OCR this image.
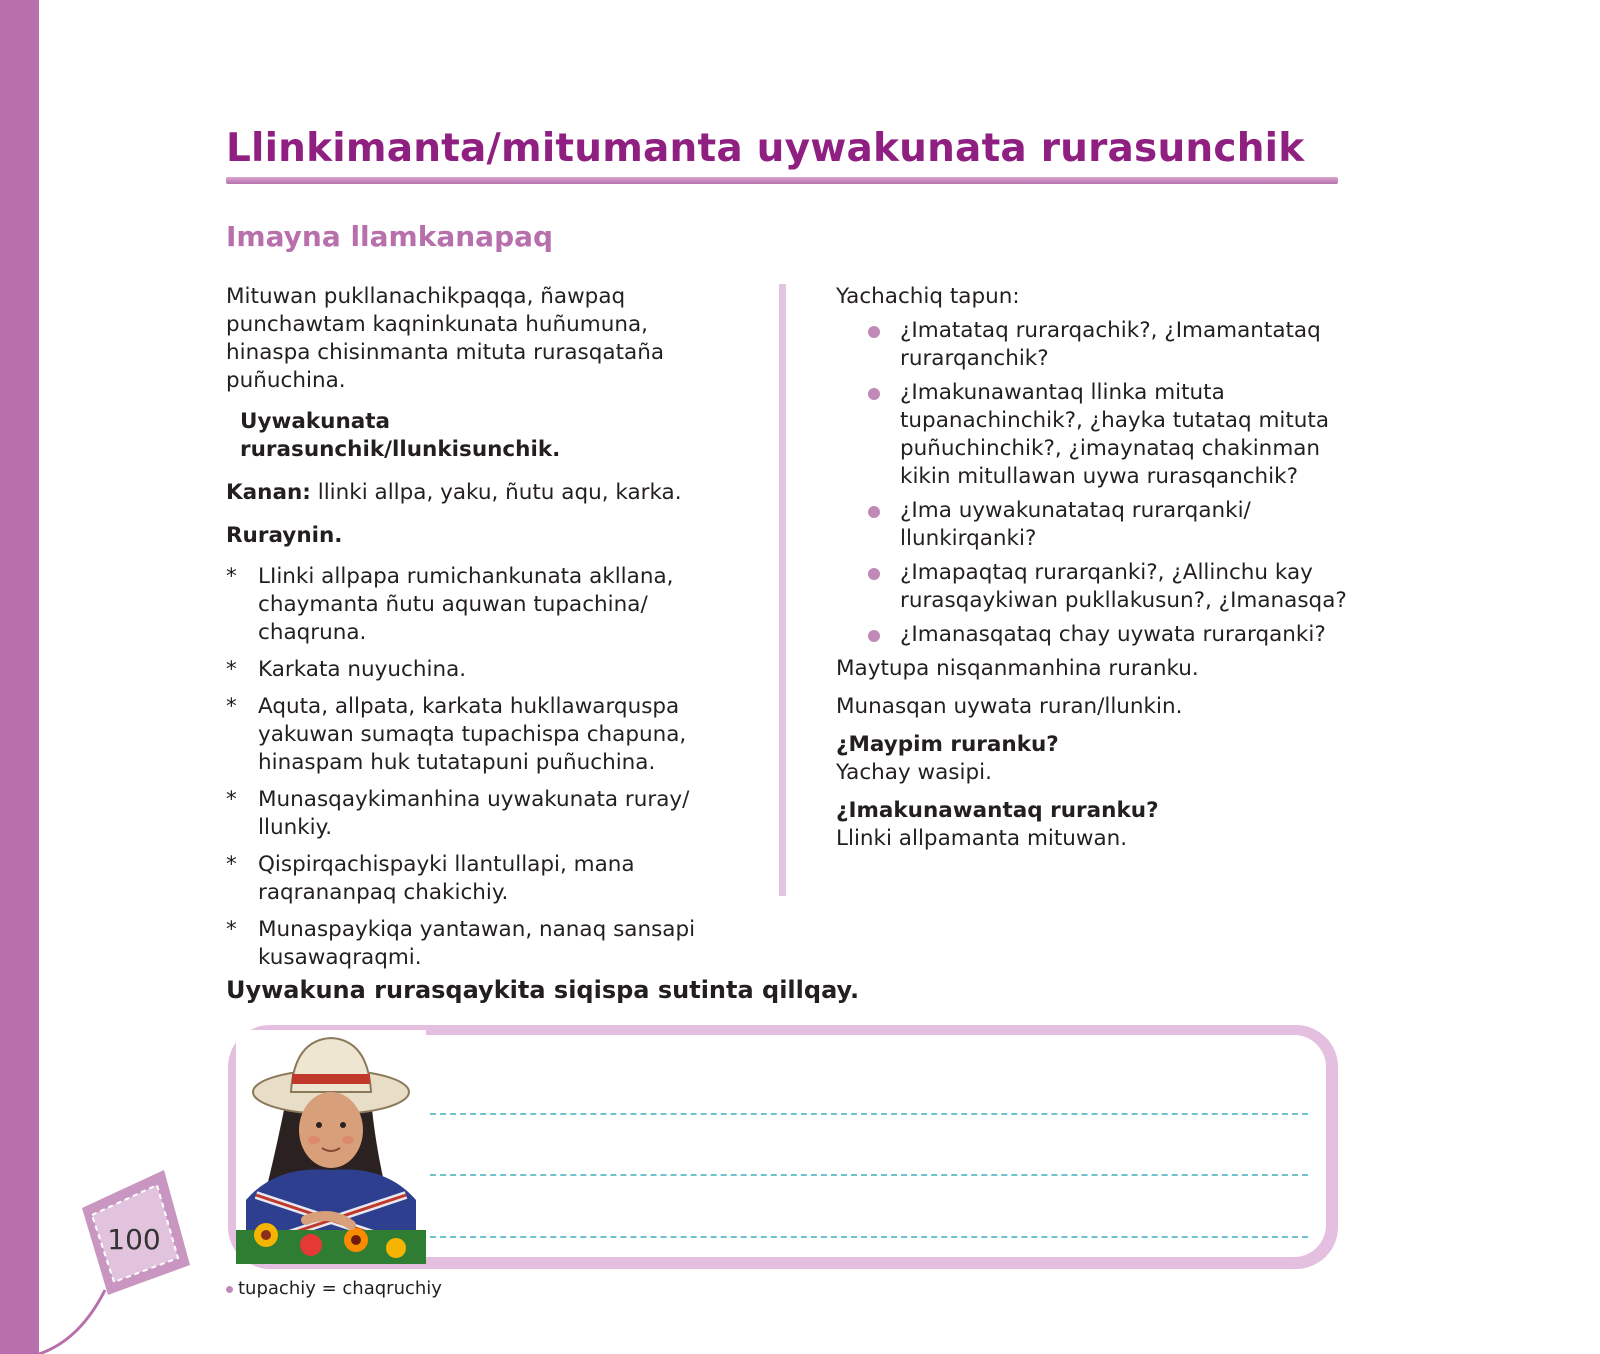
Llinkimanta/mitumanta uywakunata rurasunchik
Imayna llamkanapaq

Mituwan pukllanachikpaqqa, ñawpaq punchawtam kaqninkunata huñumuna, hinaspa chisinmanta mituta rurasqataña puñuchina.

Uywakunata rurasunchik/llunkisunchik.

Kanan: llinki allpa, yaku, ñutu aqu, karka.

Ruraynin.

* LIinki allpapa rumichankunata akllana, chaymanta ñutu aquwan tupachina/ chaqruna.
* Karkata nuyuchina.
* Aquta, allpata, karkata hukllawarquspa yakuwan sumaqta tupachispa chapuna, hinaspam huk tutatapuni puñuchina.
* Munasqaykimanhina uywakunata ruray/ llunkiy.
* Qispirqachispayki llantullapi, mana raqrananpaq chakichiy.
* Munaspaykiqa yantawan, nanaq sansapi kusawaqraqmi.

Yachachiq tapun:

¿Imatataq rurarqachik?, ¿Imamantataq rurarqanchik?
¿Imakunawantaq llinka mituta tupanachinchik?, ¿hayka tutataq mituta puñuchinchik?, ¿imaynataq chakinman kikin mitullawan uywa rurasqanchik?
¿Ima uywakunatataq rurarqanki/ llunkirqanki?
¿Imapaqtaq rurarqanki?, ¿Allinchu kay rurasqaykiwan pukllakusun?, ¿Imanasqa?
¿Imanasqataq chay uywata rurarqanki?

Maytupa nisqanmanhina ruranku.

Munasqan uywata ruran/llunkin.

¿Maypim ruranku?

Yachay wasipi.

¿Imakunawantaq ruranku?

Llinki allpamanta mituwan.

Uywakuna rurasqaykita siqispa sutinta qillqay.

tupachiy = chaqruchiy
100
